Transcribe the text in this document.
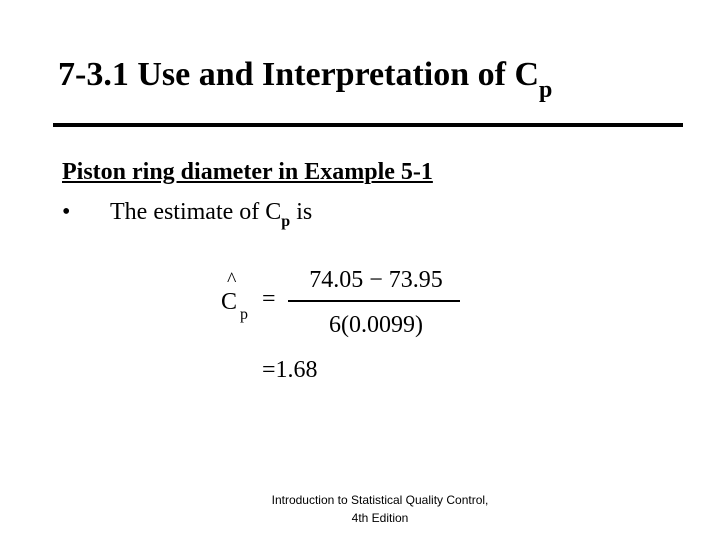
7-3.1 Use and Interpretation of $C_p$
Piston ring diameter in Example 5-1
• The estimate of $C_p$ is
^
C p
=
74.05 − 73.95
6(0.0099)
=1.68
Introduction to Statistical Quality Control,
4th Edition
